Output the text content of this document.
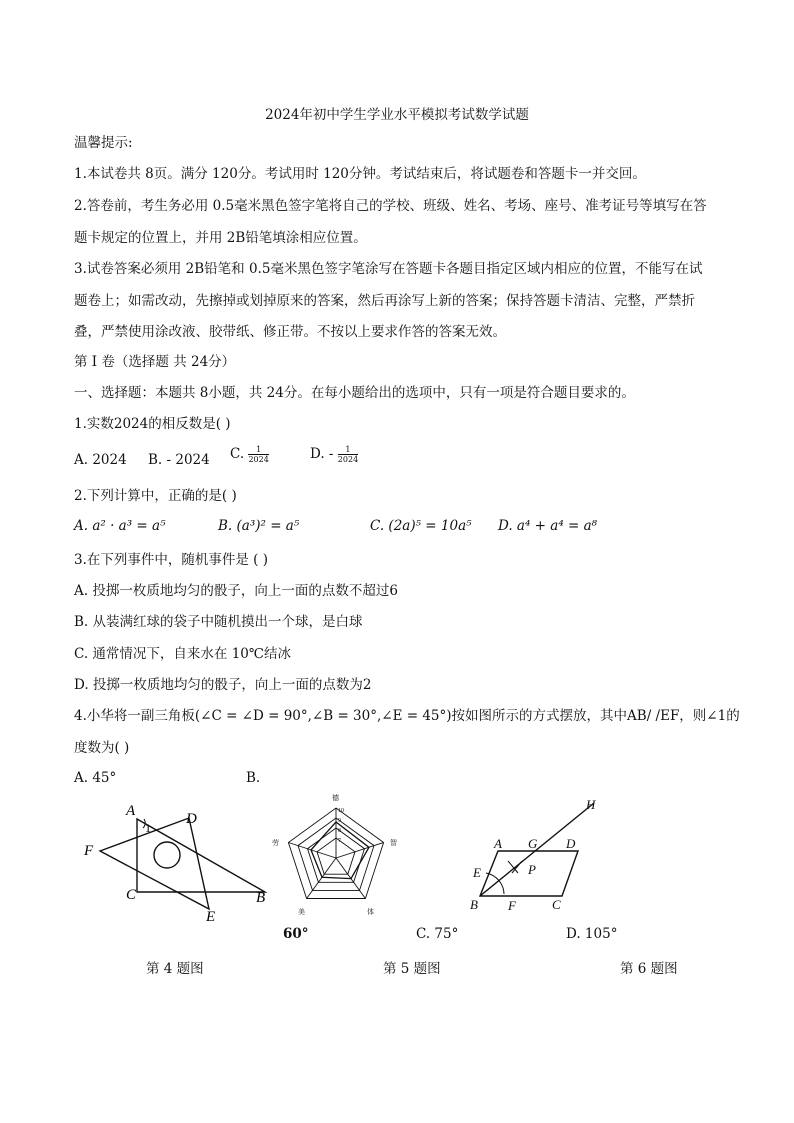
2024年初中学生学业水平模拟考试数学试题
温馨提示:
1.本试卷共 8页。满分 120分。考试用时 120分钟。考试结束后，将试题卷和答题卡一并交回。
2.答卷前，考生务必用 0.5毫米黑色签字笔将自己的学校、班级、姓名、考场、座号、准考证号等填写在答
题卡规定的位置上，并用 2B铅笔填涂相应位置。
3.试卷答案必须用 2B铅笔和 0.5毫米黑色签字笔涂写在答题卡各题目指定区域内相应的位置，不能写在试
题卷上；如需改动，先擦掉或划掉原来的答案，然后再涂写上新的答案；保持答题卡清洁、完整，严禁折
叠，严禁使用涂改液、胶带纸、修正带。不按以上要求作答的答案无效。
第 I 卷（选择题 共 24分）
一、选择题：本题共 8小题，共 24分。在每小题给出的选项中，只有一项是符合题目要求的。
1.实数2024的相反数是( )
A. 2024 B. - 2024 C. $\frac{1}{2024}$	D. - $\frac{1}{2024}$
2.下列计算中，正确的是( )
A. a² · a³ = a⁵	B. (a³)² = a⁵	C. (2a)⁵ = 10a⁵ D. a⁴ + a⁴ = a⁸
3.在下列事件中，随机事件是 ( )
A. 投掷一枚质地均匀的骰子，向上一面的点数不超过6
B. 从装满红球的袋子中随机摸出一个球，是白球
C. 通常情况下，自来水在 10℃结冰
D. 投掷一枚质地均匀的骰子，向上一面的点数为2
4.小华将一副三角板(∠C = ∠D = 90°,∠B = 30°,∠E = 45°)按如图所示的方式摆放，其中AB/ /EF，则∠1的
度数为( )
A. 45°	B.
A	D
F
C	B
E
1
德
智
体
美
劳
10
9
8
7
H
A G D
E	P
B F	C
60°	C. 75°	D. 105°
第 4 题图	第 5 题图	第 6 题图
